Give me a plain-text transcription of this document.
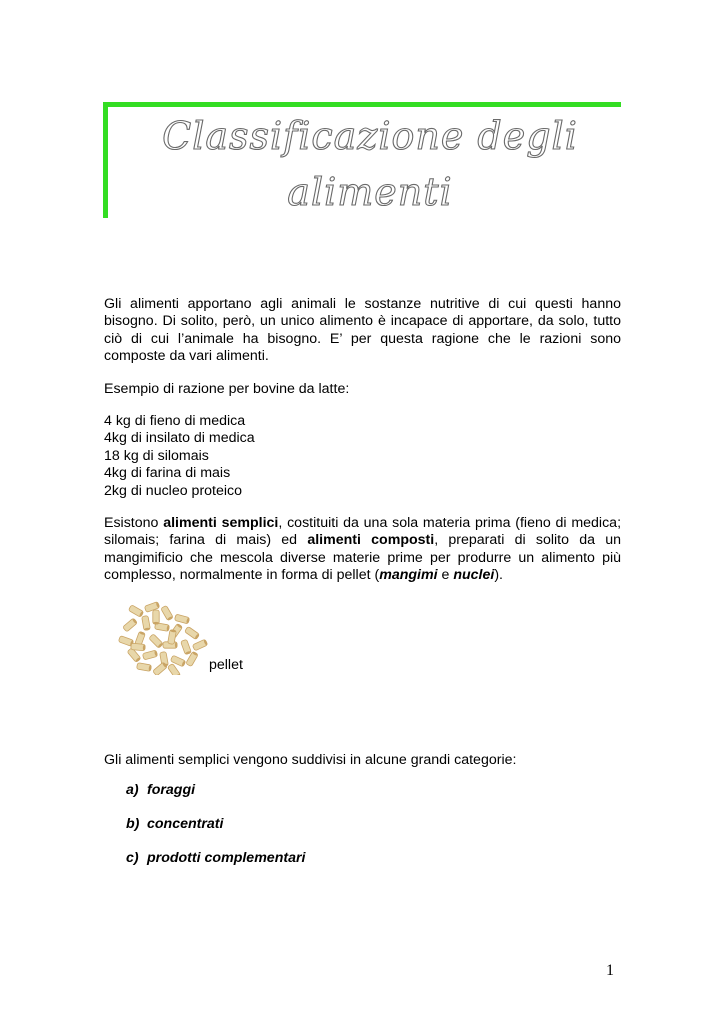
Classificazione degli
alimenti

Gli alimenti apportano agli animali le sostanze nutritive di cui questi hanno bisogno. Di solito, però, un unico alimento è incapace di apportare, da solo, tutto ciò di cui l’animale ha bisogno. E’ per questa ragione che le razioni sono composte da vari alimenti.

Esempio di razione per bovine da latte:

4 kg di fieno di medica
4kg di insilato di medica
18 kg di silomais
4kg di farina di mais
2kg di nucleo proteico

Esistono alimenti semplici, costituiti da una sola materia prima (fieno di medica; silomais; farina di mais) ed alimenti composti, preparati di solito da un mangimificio che mescola diverse materie prime per produrre un alimento più complesso, normalmente in forma di pellet (mangimi e nuclei).

pellet

Gli alimenti semplici vengono suddivisi in alcune grandi categorie:

a) foraggi
b) concentrati
c) prodotti complementari
1
